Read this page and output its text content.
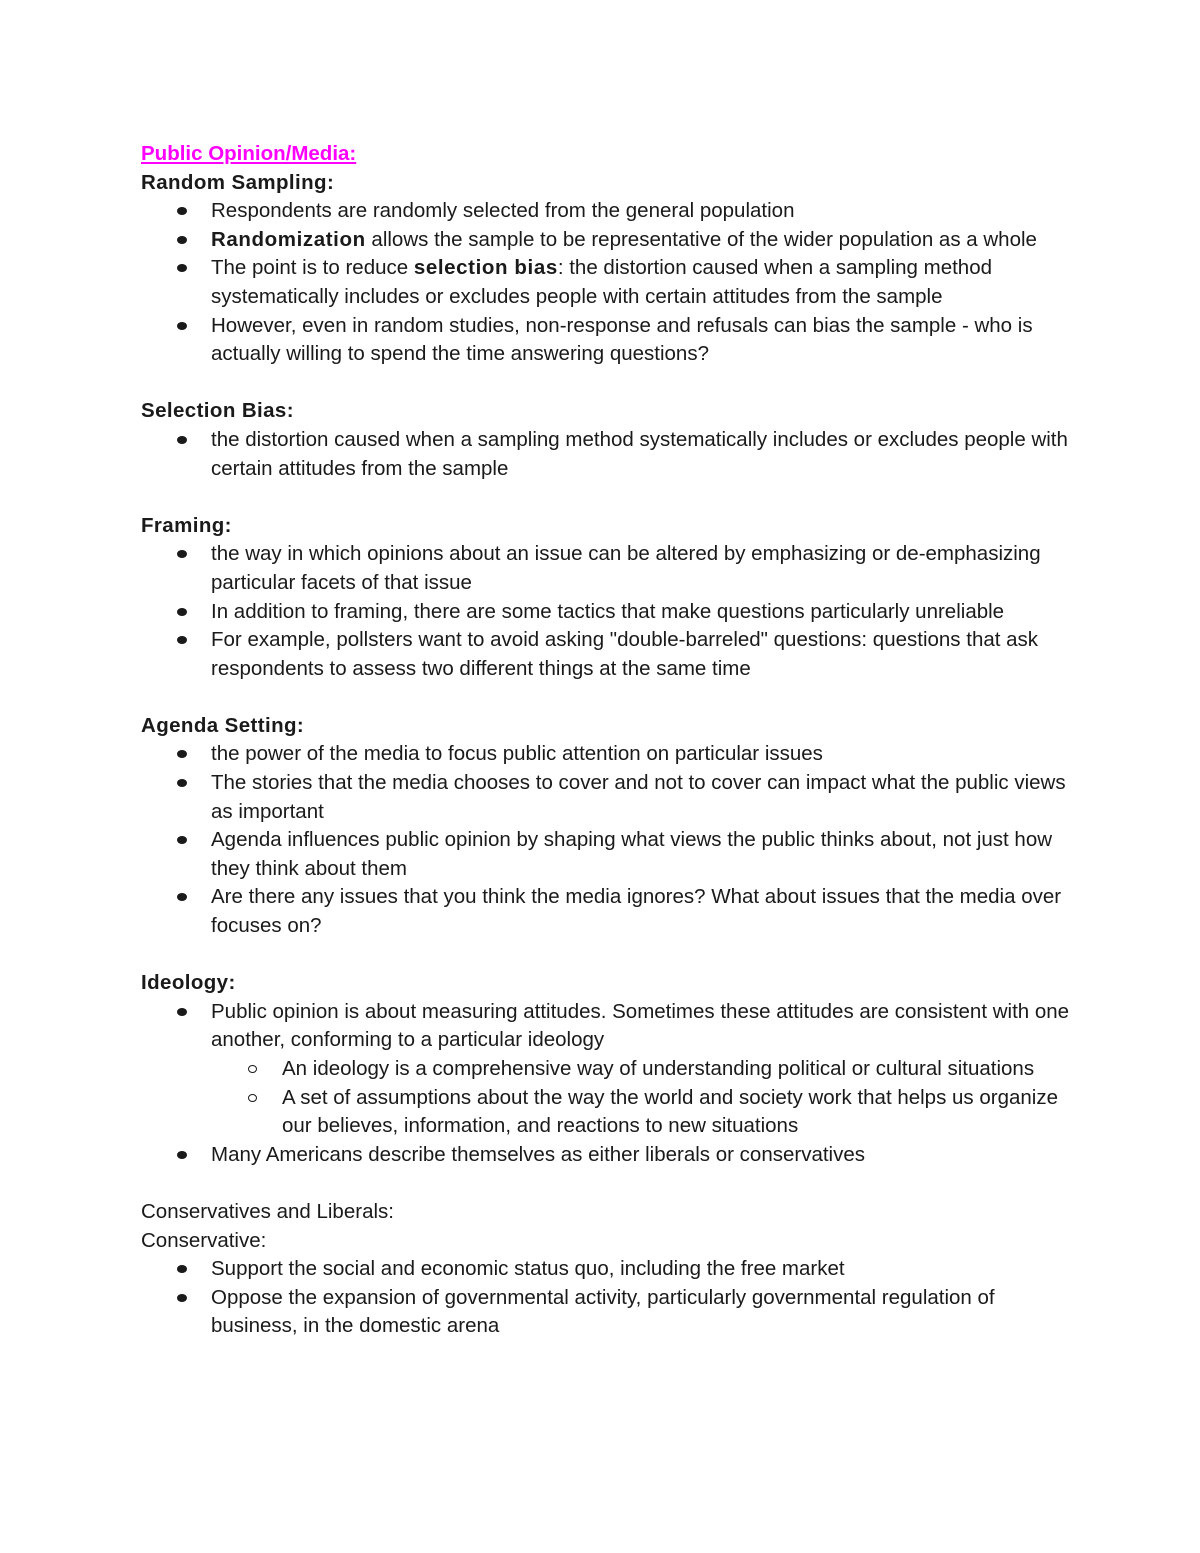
Public Opinion/Media:
Random Sampling:
Respondents are randomly selected from the general population
Randomization allows the sample to be representative of the wider population as a whole
The point is to reduce selection bias: the distortion caused when a sampling method systematically includes or excludes people with certain attitudes from the sample
However, even in random studies, non-response and refusals can bias the sample - who is actually willing to spend the time answering questions?
Selection Bias:
the distortion caused when a sampling method systematically includes or excludes people with certain attitudes from the sample
Framing:
the way in which opinions about an issue can be altered by emphasizing or de-emphasizing particular facets of that issue
In addition to framing, there are some tactics that make questions particularly unreliable
For example, pollsters want to avoid asking "double-barreled" questions: questions that ask respondents to assess two different things at the same time
Agenda Setting:
the power of the media to focus public attention on particular issues
The stories that the media chooses to cover and not to cover can impact what the public views as important
Agenda influences public opinion by shaping what views the public thinks about, not just how they think about them
Are there any issues that you think the media ignores? What about issues that the media over focuses on?
Ideology:
Public opinion is about measuring attitudes. Sometimes these attitudes are consistent with one another, conforming to a particular ideology
An ideology is a comprehensive way of understanding political or cultural situations
A set of assumptions about the way the world and society work that helps us organize our believes, information, and reactions to new situations
Many Americans describe themselves as either liberals or conservatives
Conservatives and Liberals:
Conservative:
Support the social and economic status quo, including the free market
Oppose the expansion of governmental activity, particularly governmental regulation of business, in the domestic arena
